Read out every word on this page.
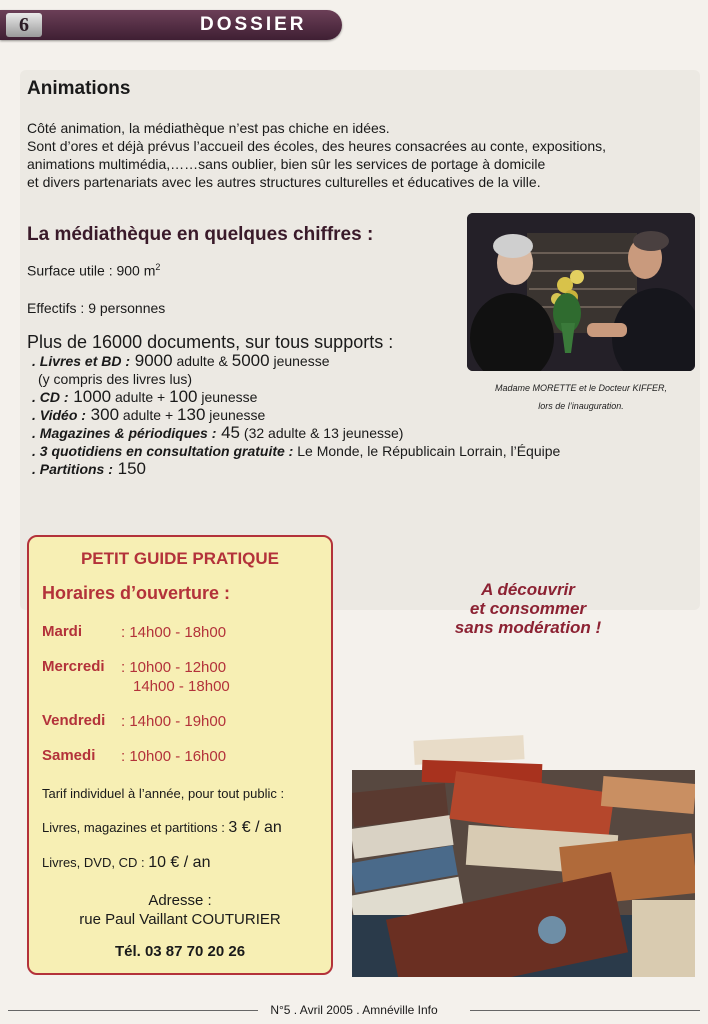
6	DOSSIER
Animations
Côté animation, la médiathèque n’est pas chiche en idées.
Sont d’ores et déjà prévus l’accueil des écoles, des heures consacrées au conte, expositions,
animations multimédia,……sans oublier, bien sûr les services de portage à domicile
et divers partenariats avec les autres structures culturelles et éducatives de la ville.
La médiathèque en quelques chiffres :
Surface utile : 900 $m^2$
Effectifs : 9 personnes
Plus de 16000 documents, sur tous supports :
. Livres et BD : 9000 adulte & 5000 jeunesse
(y compris des livres lus)
. CD : 1000 adulte + 100 jeunesse
. Vidéo : 300 adulte + 130 jeunesse
. Magazines & périodiques : 45 (32 adulte & 13 jeunesse)
. 3 quotidiens en consultation gratuite : Le Monde, le Républicain Lorrain, l’Équipe
. Partitions : 150
Madame MORETTE et le Docteur KIFFER,
lors de l’inauguration.
PETIT GUIDE PRATIQUE
Horaires d’ouverture :
Mardi	: 14h00 - 18h00
Mercredi : 10h00 - 12h00
14h00 - 18h00
Vendredi : 14h00 - 19h00
Samedi : 10h00 - 16h00
Tarif individuel à l’année, pour tout public :
Livres, magazines et partitions : 3 € / an
Livres, DVD, CD : 10 € / an
Adresse :
rue Paul Vaillant COUTURIER
Tél. 03 87 70 20 26
A découvrir
et consommer
sans modération !
N°5 . Avril 2005 . Amnéville Info
